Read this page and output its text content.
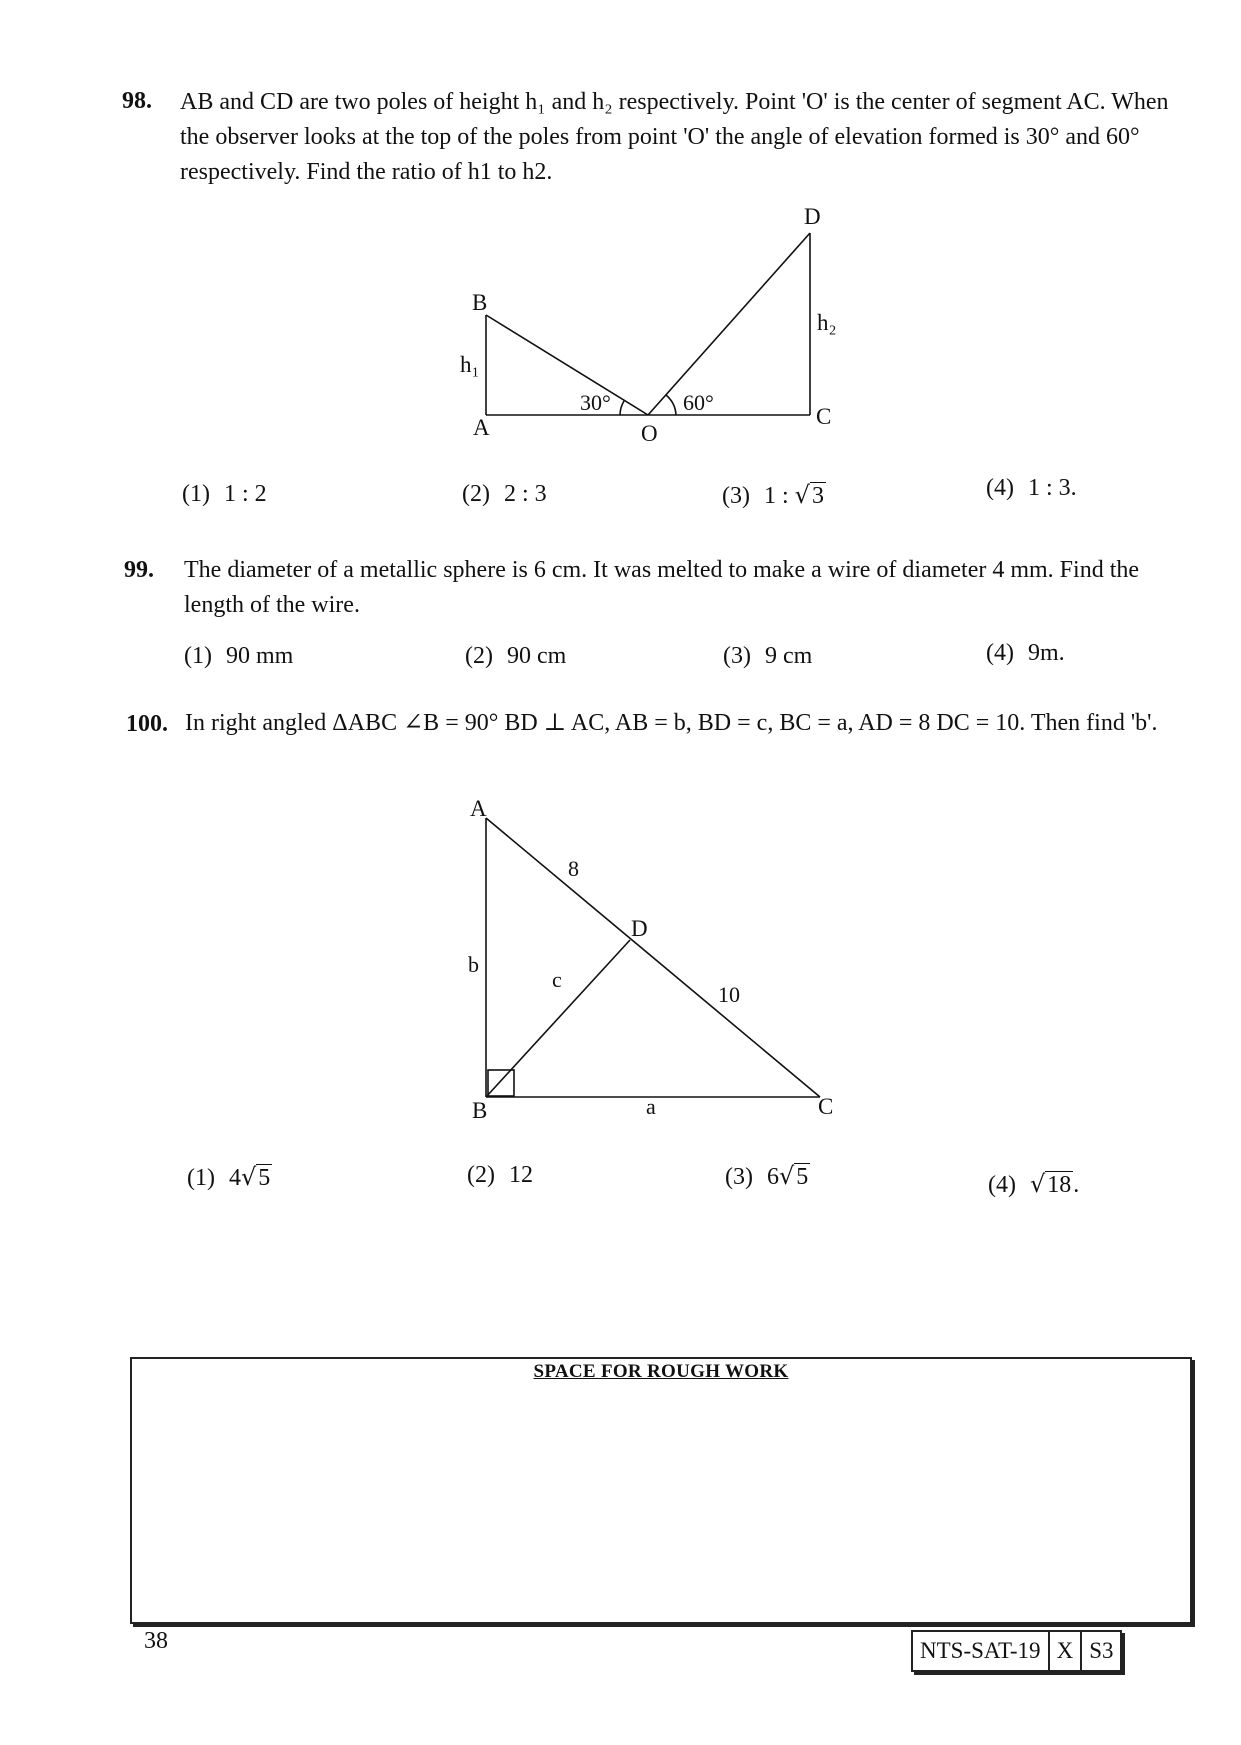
98. AB and CD are two poles of height h₁ and h₂ respectively. Point 'O' is the center of segment AC. When the observer looks at the top of the poles from point 'O' the angle of elevation formed is 30° and 60° respectively. Find the ratio of h1 to h2.
D
B
h₂
h₁
30°	60°
A	C
O
A
8
D
b
c
10
B	a	C
(1) 1 : 2	(2) 2 : 3	(3) 1 : √3	(4) 1 : 3.
99. The diameter of a metallic sphere is 6 cm. It was melted to make a wire of diameter 4 mm. Find the length of the wire.
(1) 90 mm	(2) 90 cm	(3) 9 cm	(4) 9m.
100. In right angled ΔABC ∠B = 90° BD ⊥ AC, AB = b, BD = c, BC = a, AD = 8 DC = 10. Then find 'b'.
(1) 4√5	(2) 12	(3) 6√5	(4) √18.
SPACE FOR ROUGH WORK
38	NTS-SAT-19 X S3
